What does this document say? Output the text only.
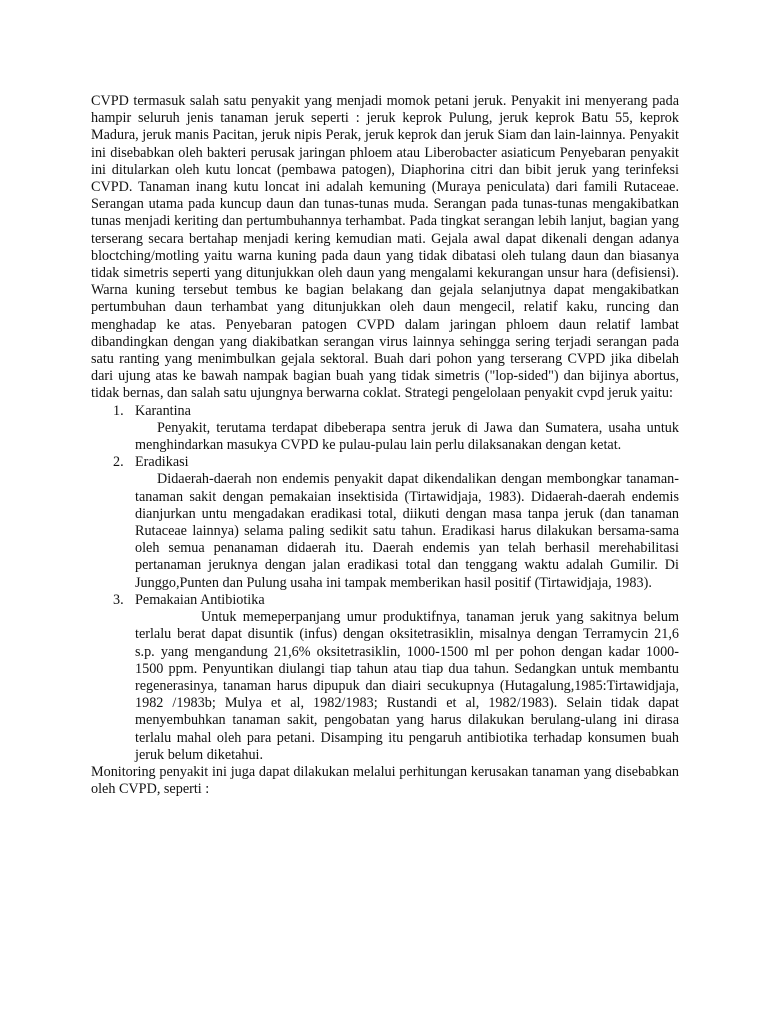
CVPD termasuk salah satu penyakit yang menjadi momok petani jeruk. Penyakit ini menyerang pada hampir seluruh jenis tanaman jeruk seperti : jeruk keprok Pulung, jeruk keprok Batu 55, keprok Madura, jeruk manis Pacitan, jeruk nipis Perak, jeruk keprok dan jeruk Siam dan lain-lainnya. Penyakit ini disebabkan oleh bakteri perusak jaringan phloem atau Liberobacter asiaticum Penyebaran penyakit ini ditularkan oleh kutu loncat (pembawa patogen), Diaphorina citri dan bibit jeruk yang terinfeksi CVPD. Tanaman inang kutu loncat ini adalah kemuning (Muraya peniculata) dari famili Rutaceae. Serangan utama pada kuncup daun dan tunas-tunas muda. Serangan pada tunas-tunas mengakibatkan tunas menjadi keriting dan pertumbuhannya terhambat. Pada tingkat serangan lebih lanjut, bagian yang terserang secara bertahap menjadi kering kemudian mati. Gejala awal dapat dikenali dengan adanya bloctching/motling yaitu warna kuning pada daun yang tidak dibatasi oleh tulang daun dan biasanya tidak simetris seperti yang ditunjukkan oleh daun yang mengalami kekurangan unsur hara (defisiensi). Warna kuning tersebut tembus ke bagian belakang dan gejala selanjutnya dapat mengakibatkan pertumbuhan daun terhambat yang ditunjukkan oleh daun mengecil, relatif kaku, runcing dan menghadap ke atas. Penyebaran patogen CVPD dalam jaringan phloem daun relatif lambat dibandingkan dengan yang diakibatkan serangan virus lainnya sehingga sering terjadi serangan pada satu ranting yang menimbulkan gejala sektoral. Buah dari pohon yang terserang CVPD jika dibelah dari ujung atas ke bawah nampak bagian buah yang tidak simetris ("lop-sided") dan bijinya abortus, tidak bernas, dan salah satu ujungnya berwarna coklat. Strategi pengelolaan penyakit cvpd jeruk yaitu:

1. Karantina

Penyakit, terutama terdapat dibeberapa sentra jeruk di Jawa dan Sumatera, usaha untuk menghindarkan masukya CVPD ke pulau-pulau lain perlu dilaksanakan dengan ketat.

2. Eradikasi

Didaerah-daerah non endemis penyakit dapat dikendalikan dengan membongkar tanaman-tanaman sakit dengan pemakaian insektisida (Tirtawidjaja, 1983). Didaerah-daerah endemis dianjurkan untu mengadakan eradikasi total, diikuti dengan masa tanpa jeruk (dan tanaman Rutaceae lainnya) selama paling sedikit satu tahun. Eradikasi harus dilakukan bersama-sama oleh semua penanaman didaerah itu. Daerah endemis yan telah berhasil merehabilitasi pertanaman jeruknya dengan jalan eradikasi total dan tenggang waktu adalah Gumilir. Di Junggo,Punten dan Pulung usaha ini tampak memberikan hasil positif (Tirtawidjaja, 1983).

3. Pemakaian Antibiotika

Untuk memeperpanjang umur produktifnya, tanaman jeruk yang sakitnya belum terlalu berat dapat disuntik (infus) dengan oksitetrasiklin, misalnya dengan Terramycin 21,6 s.p. yang mengandung 21,6% oksitetrasiklin, 1000-1500 ml per pohon dengan kadar 1000-1500 ppm. Penyuntikan diulangi tiap tahun atau tiap dua tahun. Sedangkan untuk membantu regenerasinya, tanaman harus dipupuk dan diairi secukupnya (Hutagalung,1985:Tirtawidjaja, 1982 /1983b; Mulya et al, 1982/1983; Rustandi et al, 1982/1983). Selain tidak dapat menyembuhkan tanaman sakit, pengobatan yang harus dilakukan berulang-ulang ini dirasa terlalu mahal oleh para petani. Disamping itu pengaruh antibiotika terhadap konsumen buah jeruk belum diketahui.

Monitoring penyakit ini juga dapat dilakukan melalui perhitungan kerusakan tanaman yang disebabkan oleh CVPD, seperti :
